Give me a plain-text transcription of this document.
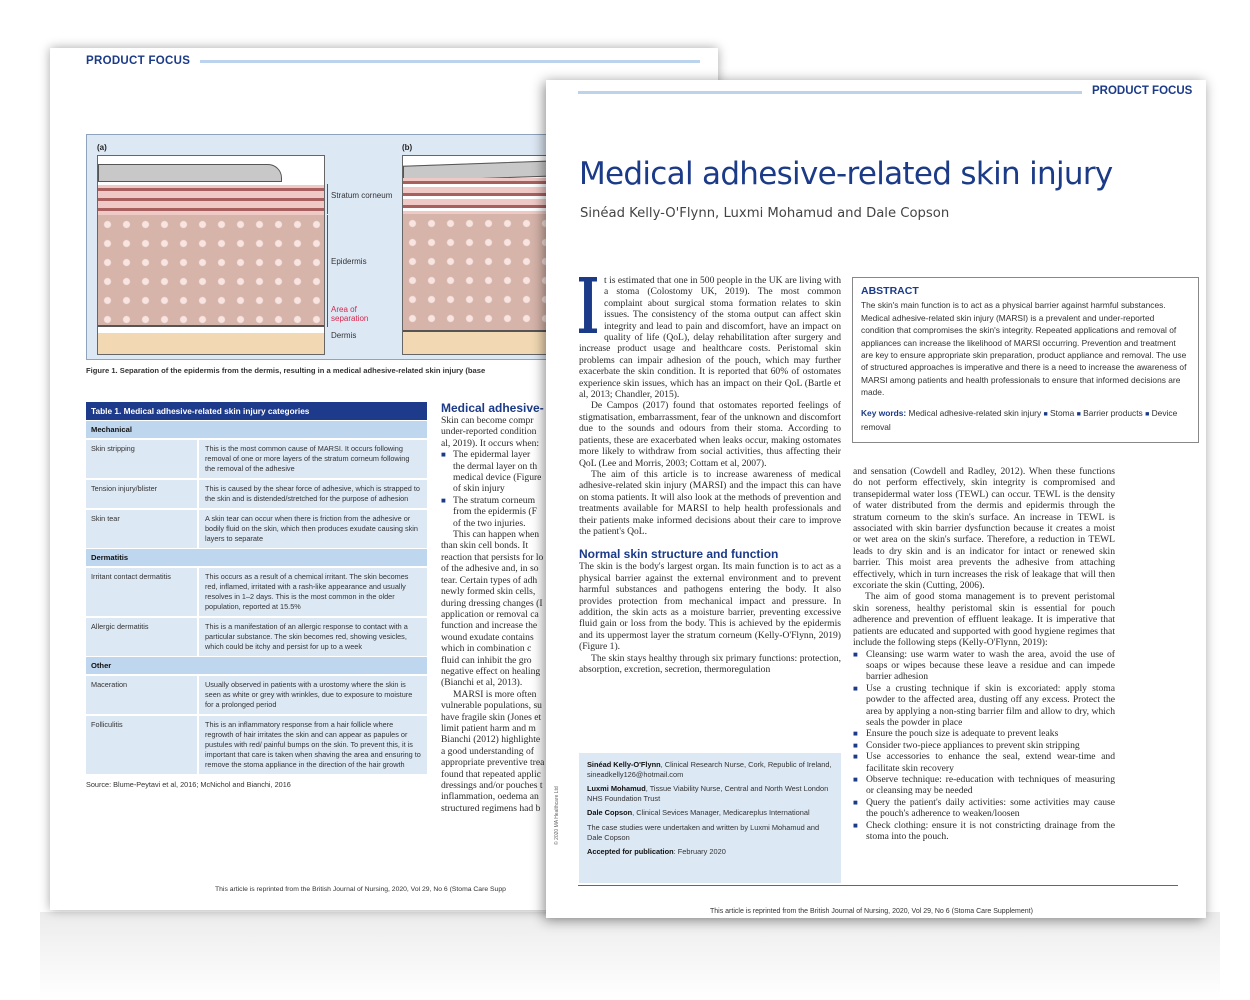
PRODUCT FOCUS
(a)	(b)
Stratum corneum
Epidermis
Area of separation
Dermis
Figure 1. Separation of the epidermis from the dermis, resulting in a medical adhesive-related skin injury (base
Table 1. Medical adhesive-related skin injury categories
Mechanical
Skin stripping	This is the most common cause of MARSI. It occurs following removal of one or more layers of the stratum corneum following the removal of the adhesive
Tension injury/blister	This is caused by the shear force of adhesive, which is strapped to the skin and is distended/stretched for the purpose of adhesion
Skin tear	A skin tear can occur when there is friction from the adhesive or bodily fluid on the skin, which then produces exudate causing skin layers to separate
Dermatitis
Irritant contact dermatitis	This occurs as a result of a chemical irritant. The skin becomes red, inflamed, irritated with a rash-like appearance and usually resolves in 1–2 days. This is the most common in the older population, reported at 15.5%
Allergic dermatitis	This is a manifestation of an allergic response to contact with a particular substance. The skin becomes red, showing vesicles, which could be itchy and persist for up to a week
Other
Maceration	Usually observed in patients with a urostomy where the skin is seen as white or grey with wrinkles, due to exposure to moisture for a prolonged period
Folliculitis	This is an inflammatory response from a hair follicle where regrowth of hair irritates the skin and can appear as papules or pustules with red/ painful bumps on the skin. To prevent this, it is important that care is taken when shaving the area and ensuring to remove the stoma appliance in the direction of the hair growth
Source: Blume-Peytavi et al, 2016; McNichol and Bianchi, 2016
Medical adhesive-
Skin can become compr
under-reported condition
al, 2019). It occurs when:
■ The epidermal layer
the dermal layer on th
medical device (Figure
of skin injury
■ The stratum corneum
from the epidermis (F
of the two injuries.
This can happen when
than skin cell bonds. It
reaction that persists for lo
of the adhesive and, in so
tear. Certain types of adh
newly formed skin cells,
during dressing changes (I
application or removal ca
function and increase the
wound exudate contains
which in combination c
fluid can inhibit the gro
negative effect on healing
(Bianchi et al, 2013).
MARSI is more often
vulnerable populations, su
have fragile skin (Jones et
limit patient harm and m
Bianchi (2012) highlighte
a good understanding of
appropriate preventive trea
found that repeated applic
dressings and/or pouches t
inflammation, oedema an
structured regimens had b
This article is reprinted from the British Journal of Nursing, 2020, Vol 29, No 6 (Stoma Care Supp
PRODUCT FOCUS
Medical adhesive-related skin injury
Sinéad Kelly-O'Flynn, Luxmi Mohamud and Dale Copson

t is estimated that one in 500 people in the UK are living with a stoma (Colostomy UK, 2019). The most common complaint about surgical stoma formation relates to skin issues. The consistency of the stoma output can affect skin integrity and lead to pain and discomfort, have an impact on quality of life (QoL), delay rehabilitation after surgery and increase product usage and healthcare costs. Peristomal skin problems can impair adhesion of the pouch, which may further exacerbate the skin condition. It is reported that 60% of ostomates experience skin issues, which has an impact on their QoL (Bartle et al, 2013; Chandler, 2015).

De Campos (2017) found that ostomates reported feelings of stigmatisation, embarrassment, fear of the unknown and discomfort due to the sounds and odours from their stoma. According to patients, these are exacerbated when leaks occur, making ostomates more likely to withdraw from social activities, thus affecting their QoL (Lee and Morris, 2003; Cottam et al, 2007).

The aim of this article is to increase awareness of medical adhesive-related skin injury (MARSI) and the impact this can have on stoma patients. It will also look at the methods of prevention and treatments available for MARSI to help health professionals and their patients make informed decisions about their care to improve the patient's QoL.

Normal skin structure and function

The skin is the body's largest organ. Its main function is to act as a physical barrier against the external environment and to prevent harmful substances and pathogens entering the body. It also provides protection from mechanical impact and pressure. In addition, the skin acts as a moisture barrier, preventing excessive fluid gain or loss from the body. This is achieved by the epidermis and its uppermost layer the stratum corneum (Kelly-O'Flynn, 2019) (Figure 1).

The skin stays healthy through six primary functions: protection, absorption, excretion, secretion, thermoregulation

© 2020 MA Healthcare Ltd

Sinéad Kelly-O'Flynn, Clinical Research Nurse, Cork, Republic of Ireland, sineadkelly126@hotmail.com

Luxmi Mohamud, Tissue Viability Nurse, Central and North West London NHS Foundation Trust

Dale Copson, Clinical Sevices Manager, Medicareplus International

The case studies were undertaken and written by Luxmi Mohamud and Dale Copson

Accepted for publication: February 2020

ABSTRACT

The skin's main function is to act as a physical barrier against harmful substances. Medical adhesive-related skin injury (MARSI) is a prevalent and under-reported condition that compromises the skin's integrity. Repeated applications and removal of appliances can increase the likelihood of MARSI occurring. Prevention and treatment are key to ensure appropriate skin preparation, product appliance and removal. The use of structured approaches is imperative and there is a need to increase the awareness of MARSI among patients and health professionals to ensure that informed decisions are made.

Key words: Medical adhesive-related skin injury ■ Stoma ■ Barrier products ■ Device removal

and sensation (Cowdell and Radley, 2012). When these functions do not perform effectively, skin integrity is compromised and transepidermal water loss (TEWL) can occur. TEWL is the density of water distributed from the dermis and epidermis through the stratum corneum to the skin's surface. An increase in TEWL is associated with skin barrier dysfunction because it creates a moist or wet area on the skin's surface. Therefore, a reduction in TEWL leads to dry skin and is an indicator for intact or renewed skin barrier. This moist area prevents the adhesive from attaching effectively, which in turn increases the risk of leakage that will then excoriate the skin (Cutting, 2006).

The aim of good stoma management is to prevent peristomal skin soreness, healthy peristomal skin is essential for pouch adherence and prevention of effluent leakage. It is imperative that patients are educated and supported with good hygiene regimes that include the following steps (Kelly-O'Flynn, 2019):

■ Cleansing: use warm water to wash the area, avoid the use of soaps or wipes because these leave a residue and can impede barrier adhesion
■ Use a crusting technique if skin is excoriated: apply stoma powder to the affected area, dusting off any excess. Protect the area by applying a non-sting barrier film and allow to dry, which seals the powder in place
■ Ensure the pouch size is adequate to prevent leaks
■ Consider two-piece appliances to prevent skin stripping
■ Use accessories to enhance the seal, extend wear-time and facilitate skin recovery
■ Observe technique: re-education with techniques of measuring or cleansing may be needed
■ Query the patient's daily activities: some activities may cause the pouch's adherence to weaken/loosen
■ Check clothing: ensure it is not constricting drainage from the stoma into the pouch.
This article is reprinted from the British Journal of Nursing, 2020, Vol 29, No 6 (Stoma Care Supplement)
